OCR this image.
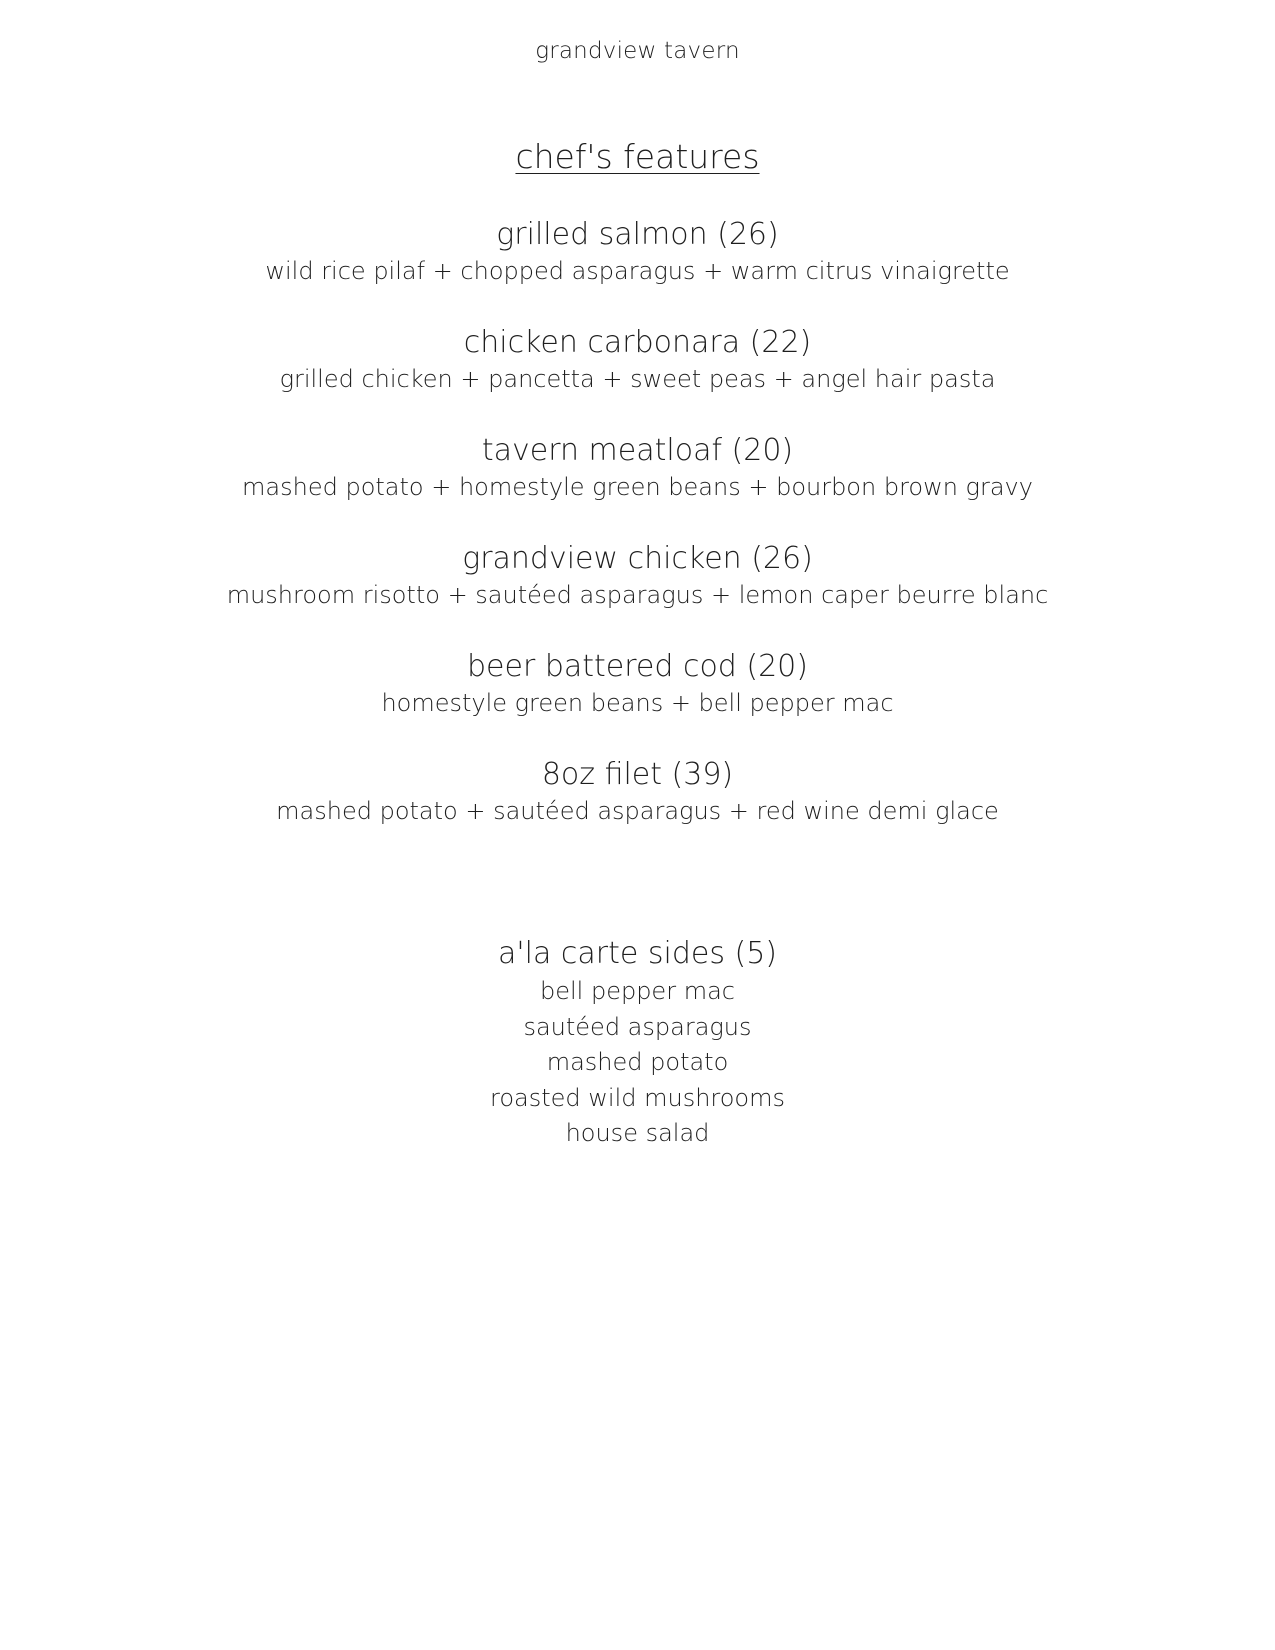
grandview tavern
chef's features
grilled salmon (26)
wild rice pilaf + chopped asparagus + warm citrus vinaigrette
chicken carbonara (22)
grilled chicken + pancetta + sweet peas + angel hair pasta
tavern meatloaf (20)
mashed potato + homestyle green beans + bourbon brown gravy
grandview chicken (26)
mushroom risotto + sautéed asparagus + lemon caper beurre blanc
beer battered cod (20)
homestyle green beans + bell pepper mac
8oz filet (39)
mashed potato + sautéed asparagus + red wine demi glace
a'la carte sides (5)
bell pepper mac
sautéed asparagus
mashed potato
roasted wild mushrooms
house salad
